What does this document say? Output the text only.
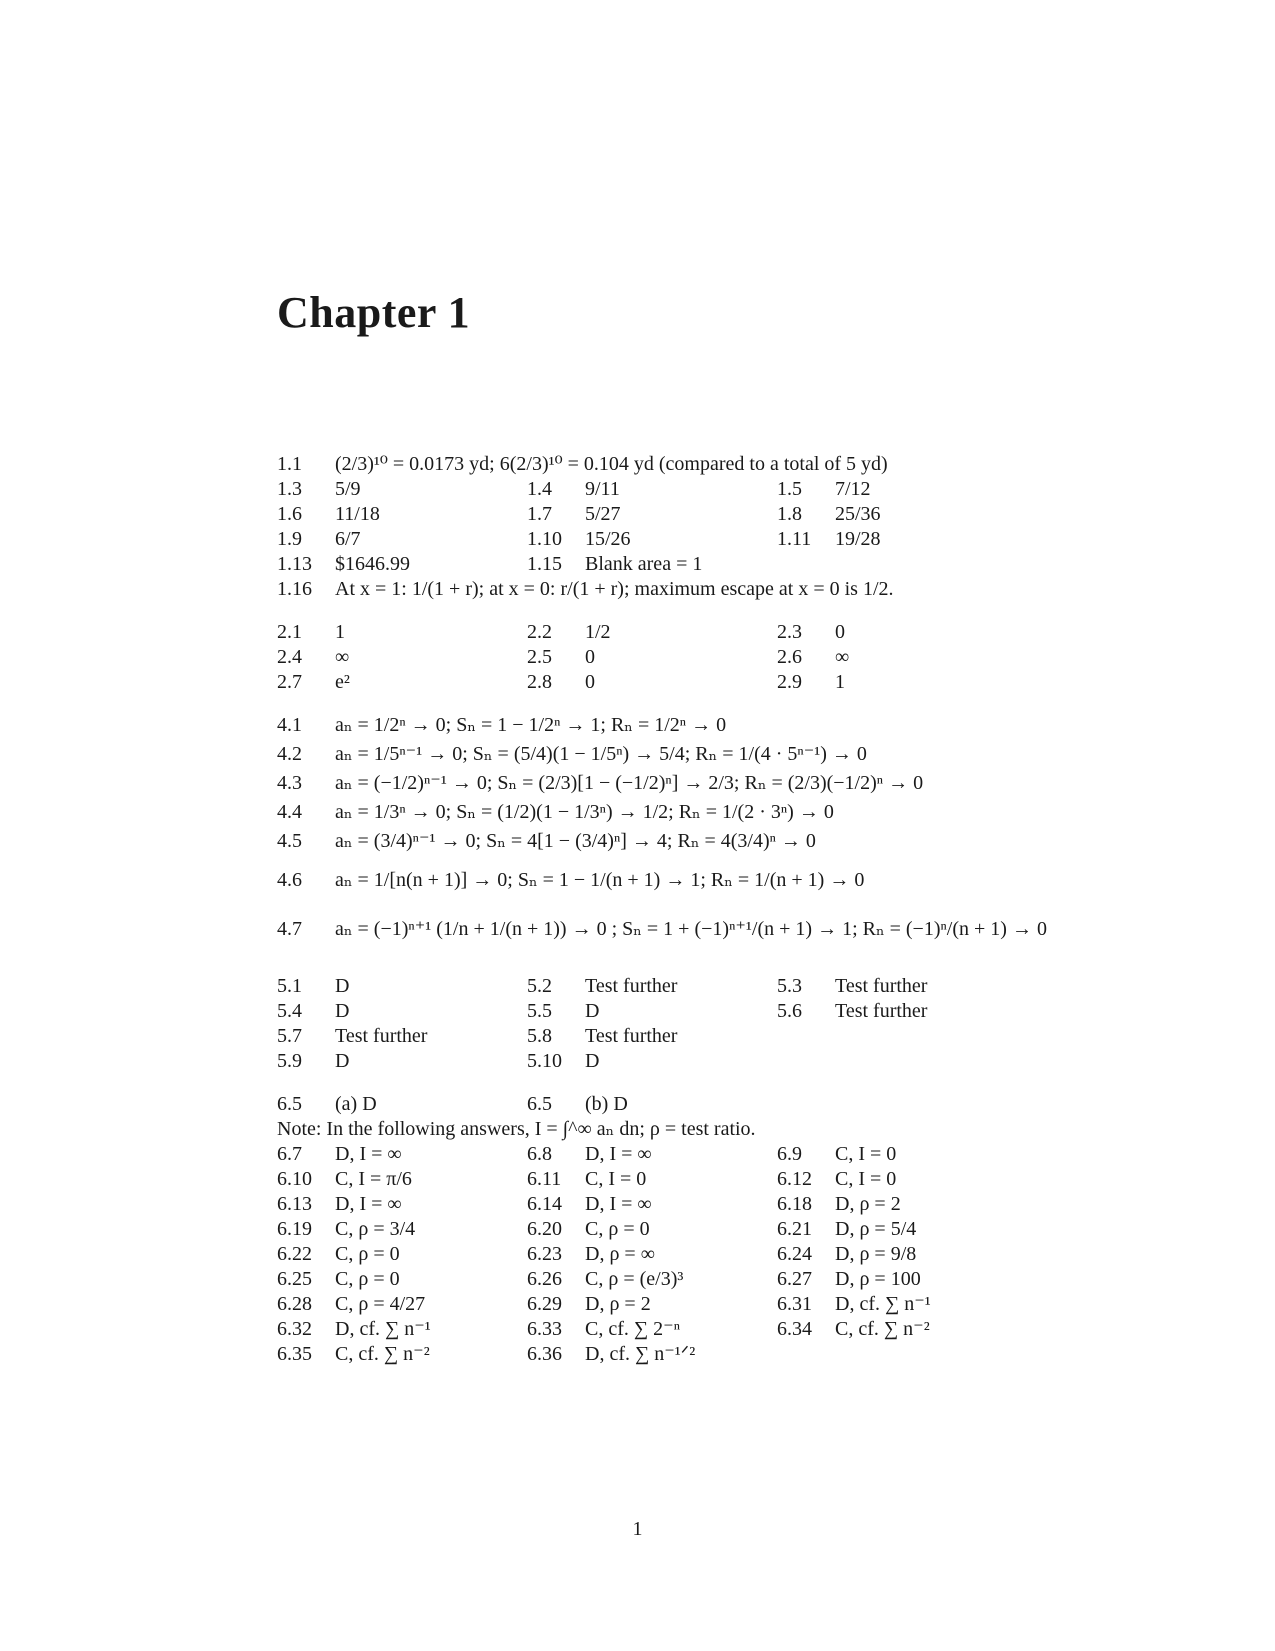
Chapter 1
1.1	(2/3)¹⁰ = 0.0173 yd; 6(2/3)¹⁰ = 0.104 yd (compared to a total of 5 yd)
1.3	5/9	1.4	9/11	1.5	7/12
1.6	11/18	1.7	5/27	1.8	25/36
1.9	6/7	1.10	15/26	1.11	19/28
1.13	$1646.99	1.15	Blank area = 1
1.16	At x = 1: 1/(1 + r); at x = 0: r/(1 + r); maximum escape at x = 0 is 1/2.
2.1	1	2.2	1/2	2.3	0
2.4	∞	2.5	0	2.6	∞
2.7	e²	2.8	0	2.9	1
4.1	aₙ = 1/2ⁿ → 0; Sₙ = 1 − 1/2ⁿ → 1; Rₙ = 1/2ⁿ → 0
4.2	aₙ = 1/5ⁿ⁻¹ → 0; Sₙ = (5/4)(1 − 1/5ⁿ) → 5/4; Rₙ = 1/(4 · 5ⁿ⁻¹) → 0
4.3	aₙ = (−1/2)ⁿ⁻¹ → 0; Sₙ = (2/3)[1 − (−1/2)ⁿ] → 2/3; Rₙ = (2/3)(−1/2)ⁿ → 0
4.4	aₙ = 1/3ⁿ → 0; Sₙ = (1/2)(1 − 1/3ⁿ) → 1/2; Rₙ = 1/(2 · 3ⁿ) → 0
4.5	aₙ = (3/4)ⁿ⁻¹ → 0; Sₙ = 4[1 − (3/4)ⁿ] → 4; Rₙ = 4(3/4)ⁿ → 0
4.6	aₙ = 1/[n(n + 1)] → 0; Sₙ = 1 − 1/(n + 1) → 1; Rₙ = 1/(n + 1) → 0
4.7	aₙ = (−1)ⁿ⁺¹ (1/n + 1/(n + 1)) → 0 ; Sₙ = 1 + (−1)ⁿ⁺¹/(n + 1) → 1; Rₙ = (−1)ⁿ/(n + 1) → 0
5.1	D	5.2	Test further	5.3	Test further
5.4	D	5.5	D	5.6	Test further
5.7	Test further	5.8	Test further
5.9	D	5.10	D
6.5	(a) D	6.5	(b) D
Note: In the following answers, I = ∫^∞ aₙ dn; ρ = test ratio.
6.7	D, I = ∞	6.8	D, I = ∞	6.9	C, I = 0
6.10	C, I = π/6	6.11	C, I = 0	6.12	C, I = 0
6.13	D, I = ∞	6.14	D, I = ∞	6.18	D, ρ = 2
6.19	C, ρ = 3/4	6.20	C, ρ = 0	6.21	D, ρ = 5/4
6.22	C, ρ = 0	6.23	D, ρ = ∞	6.24	D, ρ = 9/8
6.25	C, ρ = 0	6.26	C, ρ = (e/3)³	6.27	D, ρ = 100
6.28	C, ρ = 4/27	6.29	D, ρ = 2	6.31	D, cf. ∑ n⁻¹
6.32	D, cf. ∑ n⁻¹	6.33	C, cf. ∑ 2⁻ⁿ	6.34	C, cf. ∑ n⁻²
6.35	C, cf. ∑ n⁻²	6.36	D, cf. ∑ n⁻¹ᐟ²
1
